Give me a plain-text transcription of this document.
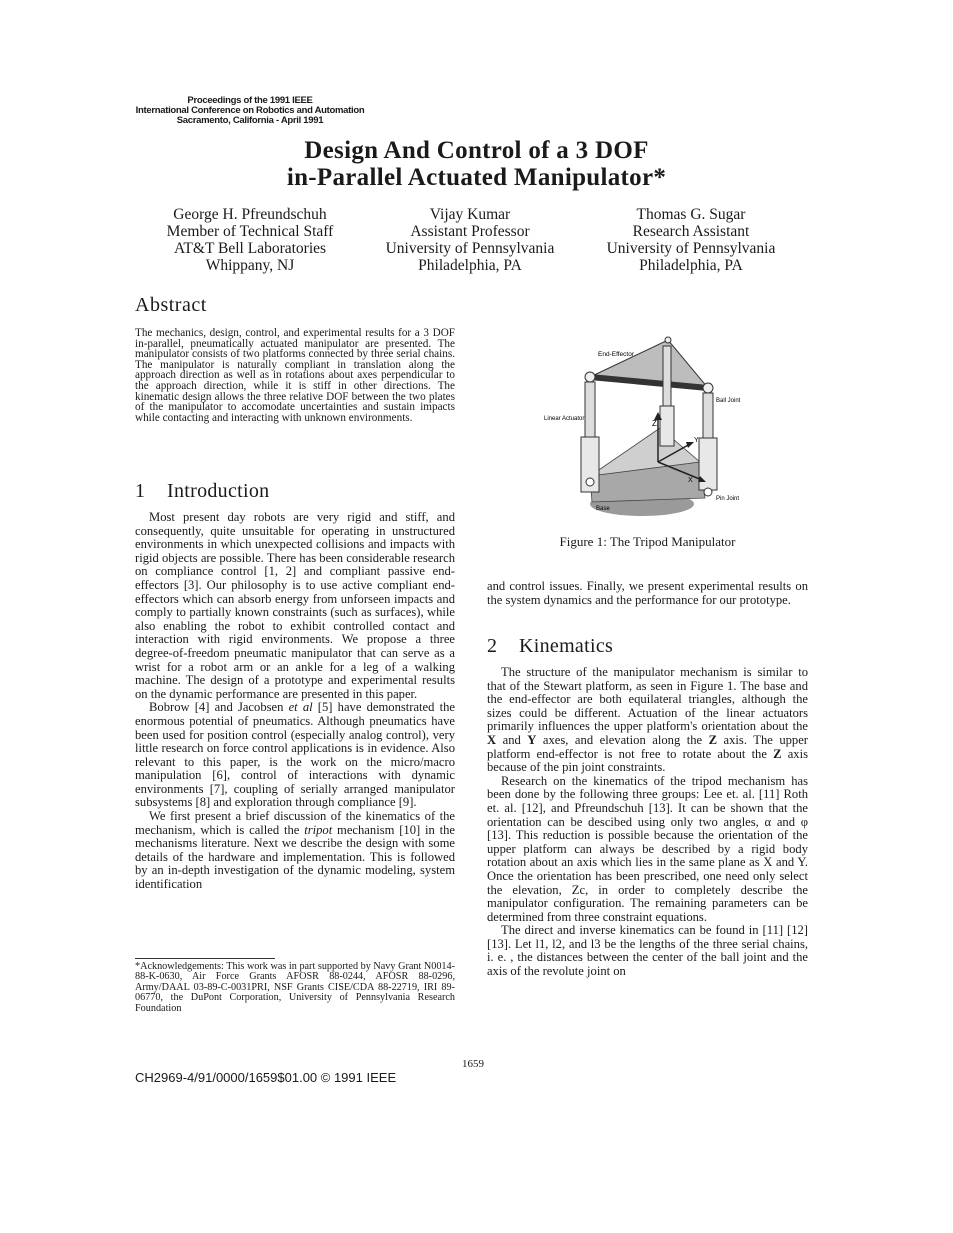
Proceedings of the 1991 IEEE
International Conference on Robotics and Automation
Sacramento, California - April 1991
Design And Control of a 3 DOF
in-Parallel Actuated Manipulator*
George H. Pfreundschuh
Member of Technical Staff
AT&T Bell Laboratories
Whippany, NJ
Vijay Kumar
Assistant Professor
University of Pennsylvania
Philadelphia, PA
Thomas G. Sugar
Research Assistant
University of Pennsylvania
Philadelphia, PA
Abstract
The mechanics, design, control, and experimental results for a 3 DOF in-parallel, pneumatically actuated manipulator are presented. The manipulator consists of two platforms connected by three serial chains. The manipulator is naturally compliant in translation along the approach direction as well as in rotations about axes perpendicular to the approach direction, while it is stiff in other directions. The kinematic design allows the three relative DOF between the two plates of the manipulator to accomodate uncertainties and sustain impacts while contacting and interacting with unknown environments.
1 Introduction

Most present day robots are very rigid and stiff, and consequently, quite unsuitable for operating in unstructured environments in which unexpected collisions and impacts with rigid objects are possible. There has been considerable research on compliance control [1, 2] and compliant passive end-effectors [3]. Our philosophy is to use active compliant end-effectors which can absorb energy from unforseen impacts and comply to partially known constraints (such as surfaces), while also enabling the robot to exhibit controlled contact and interaction with rigid environments. We propose a three degree-of-freedom pneumatic manipulator that can serve as a wrist for a robot arm or an ankle for a leg of a walking machine. The design of a prototype and experimental results on the dynamic performance are presented in this paper.

Bobrow [4] and Jacobsen et al [5] have demonstrated the enormous potential of pneumatics. Although pneumatics have been used for position control (especially analog control), very little research on force control applications is in evidence. Also relevant to this paper, is the work on the micro/macro manipulation [6], control of interactions with dynamic environments [7], coupling of serially arranged manipulator subsystems [8] and exploration through compliance [9].

We first present a brief discussion of the kinematics of the mechanism, which is called the tripot mechanism [10] in the mechanisms literature. Next we describe the design with some details of the hardware and implementation. This is followed by an in-depth investigation of the dynamic modeling, system identification

*Acknowledgements: This work was in part supported by Navy Grant N0014-88-K-0630, Air Force Grants AFOSR 88-0244, AFOSR 88-0296, Army/DAAL 03-89-C-0031PRI, NSF Grants CISE/CDA 88-22719, IRI 89-06770, the DuPont Corporation, University of Pennsylvania Research Foundation
End-Effector
Ball Joint
Linear Actuator	Z
Y
X
Base
Pin Joint
Figure 1: The Tripod Manipulator
and control issues. Finally, we present experimental results on the system dynamics and the performance for our prototype.
2 Kinematics

The structure of the manipulator mechanism is similar to that of the Stewart platform, as seen in Figure 1. The base and the end-effector are both equilateral triangles, although the sizes could be different. Actuation of the linear actuators primarily influences the upper platform's orientation about the X and Y axes, and elevation along the Z axis. The upper platform end-effector is not free to rotate about the Z axis because of the pin joint constraints.

Research on the kinematics of the tripod mechanism has been done by the following three groups: Lee et. al. [11] Roth et. al. [12], and Pfreundschuh [13]. It can be shown that the orientation can be descibed using only two angles, α and φ [13]. This reduction is possible because the orientation of the upper platform can always be described by a rigid body rotation about an axis which lies in the same plane as X and Y. Once the orientation has been prescribed, one need only select the elevation, Zc, in order to completely describe the manipulator configuration. The remaining parameters can be determined from three constraint equations.

The direct and inverse kinematics can be found in [11] [12] [13]. Let l1, l2, and l3 be the lengths of the three serial chains, i. e. , the distances between the center of the ball joint and the axis of the revolute joint on

1659
CH2969-4/91/0000/1659$01.00 © 1991 IEEE
